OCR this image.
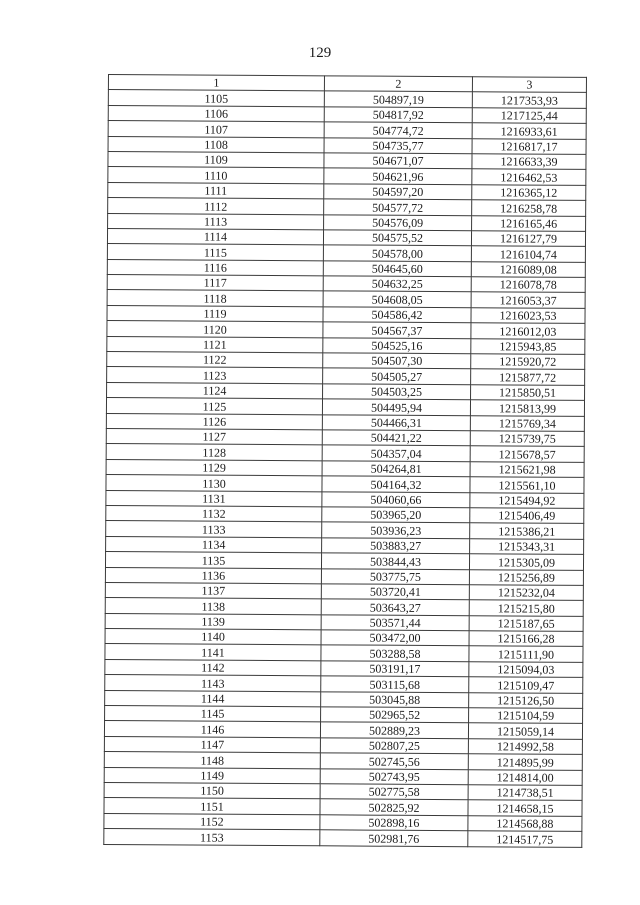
129
1	2	3
1105	504897,19	1217353,93
1106	504817,92	1217125,44
1107	504774,72	1216933,61
1108	504735,77	1216817,17
1109	504671,07	1216633,39
1110	504621,96	1216462,53
1111	504597,20	1216365,12
1112	504577,72	1216258,78
1113	504576,09	1216165,46
1114	504575,52	1216127,79
1115	504578,00	1216104,74
1116	504645,60	1216089,08
1117	504632,25	1216078,78
1118	504608,05	1216053,37
1119	504586,42	1216023,53
1120	504567,37	1216012,03
1121	504525,16	1215943,85
1122	504507,30	1215920,72
1123	504505,27	1215877,72
1124	504503,25	1215850,51
1125	504495,94	1215813,99
1126	504466,31	1215769,34
1127	504421,22	1215739,75
1128	504357,04	1215678,57
1129	504264,81	1215621,98
1130	504164,32	1215561,10
1131	504060,66	1215494,92
1132	503965,20	1215406,49
1133	503936,23	1215386,21
1134	503883,27	1215343,31
1135	503844,43	1215305,09
1136	503775,75	1215256,89
1137	503720,41	1215232,04
1138	503643,27	1215215,80
1139	503571,44	1215187,65
1140	503472,00	1215166,28
1141	503288,58	1215111,90
1142	503191,17	1215094,03
1143	503115,68	1215109,47
1144	503045,88	1215126,50
1145	502965,52	1215104,59
1146	502889,23	1215059,14
1147	502807,25	1214992,58
1148	502745,56	1214895,99
1149	502743,95	1214814,00
1150	502775,58	1214738,51
1151	502825,92	1214658,15
1152	502898,16	1214568,88
1153	502981,76	1214517,75
